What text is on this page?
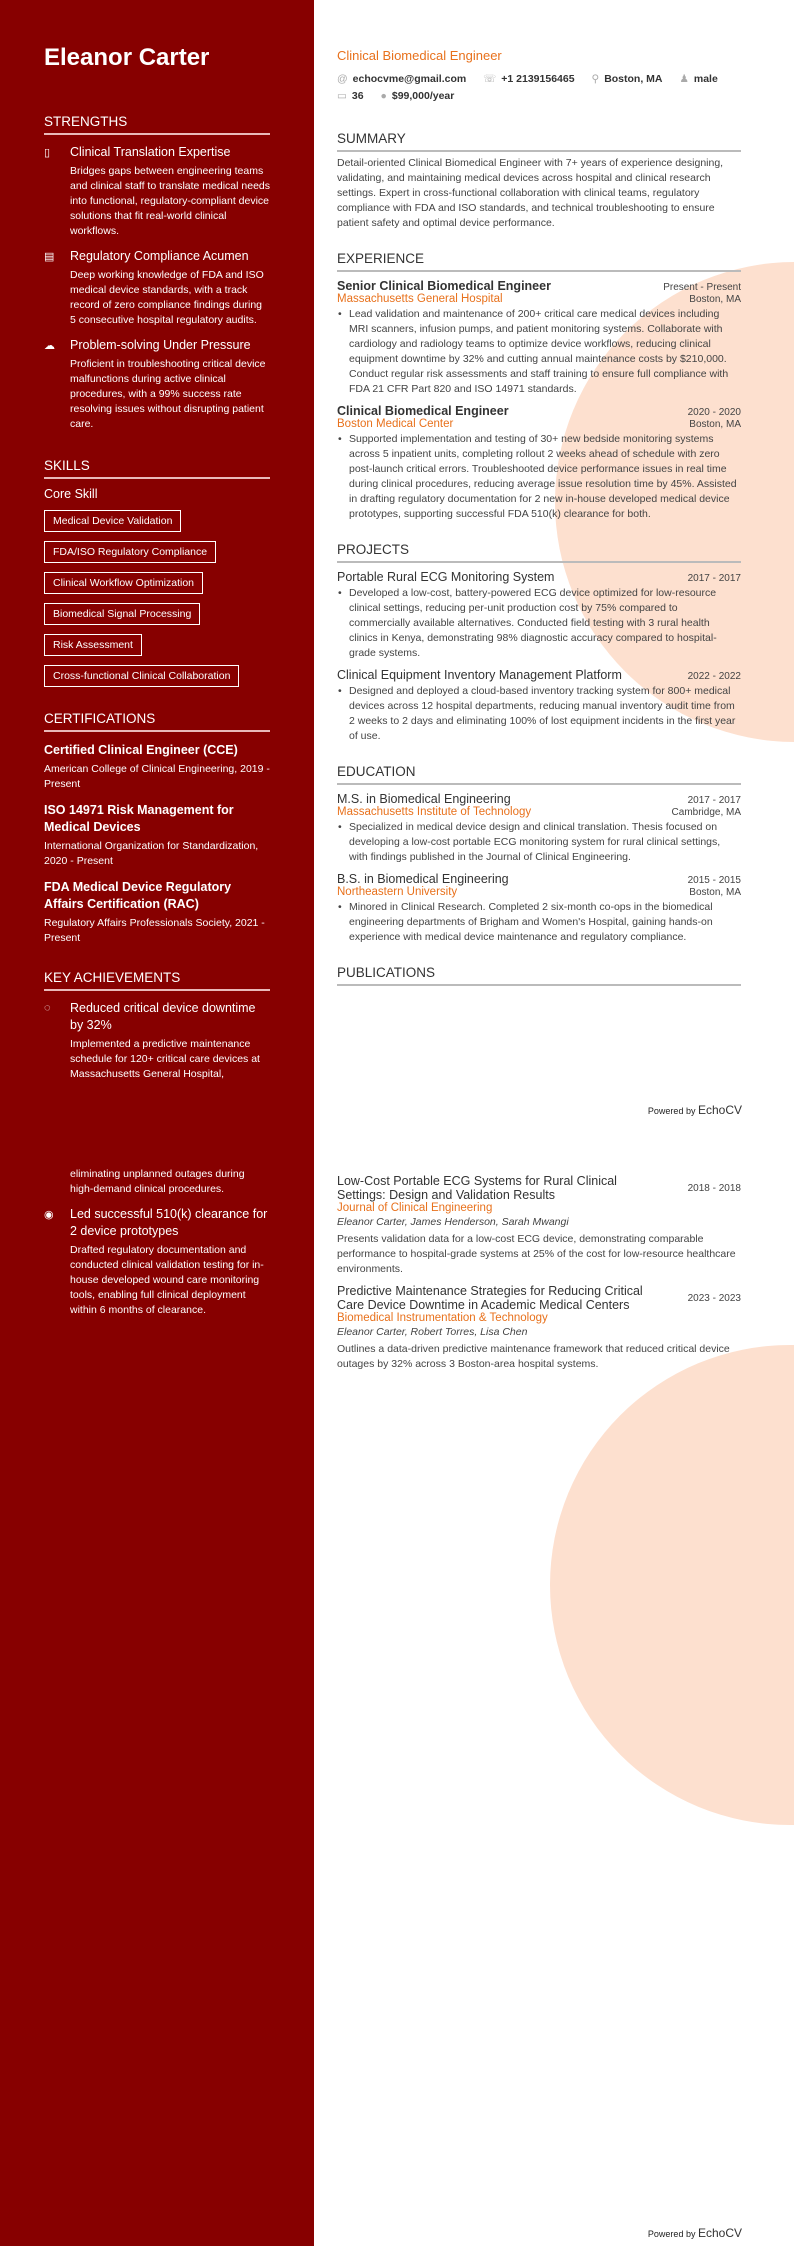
Eleanor Carter
STRENGTHS
▯	Clinical Translation Expertise
Bridges gaps between engineering teams and clinical staff to translate medical needs into functional, regulatory-compliant device solutions that fit real-world clinical workflows.
▤	Regulatory Compliance Acumen
Deep working knowledge of FDA and ISO medical device standards, with a track record of zero compliance findings during 5 consecutive hospital regulatory audits.
☁	Problem-solving Under Pressure
Proficient in troubleshooting critical device malfunctions during active clinical procedures, with a 99% success rate resolving issues without disrupting patient care.
SKILLS
Core Skill
Medical Device Validation
FDA/ISO Regulatory Compliance
Clinical Workflow Optimization
Biomedical Signal Processing
Risk Assessment
Cross-functional Clinical Collaboration
CERTIFICATIONS
Certified Clinical Engineer (CCE)
American College of Clinical Engineering, 2019 - Present
ISO 14971 Risk Management for Medical Devices
International Organization for Standardization, 2020 - Present
FDA Medical Device Regulatory Affairs Certification (RAC)
Regulatory Affairs Professionals Society, 2021 - Present
KEY ACHIEVEMENTS
◌	Reduced critical device downtime by 32%
Implemented a predictive maintenance schedule for 120+ critical care devices at Massachusetts General Hospital,
Clinical Biomedical Engineer
@ echocvme@gmail.com ☏ +1 2139156465 ⚲ Boston, MA ♟ male
▭ 36 ● $99,000/year
SUMMARY
Detail-oriented Clinical Biomedical Engineer with 7+ years of experience designing, validating, and maintaining medical devices across hospital and clinical research settings. Expert in cross-functional collaboration with clinical teams, regulatory compliance with FDA and ISO standards, and technical troubleshooting to ensure patient safety and optimal device performance.
EXPERIENCE
Senior Clinical Biomedical Engineer	Present - Present
Massachusetts General Hospital	Boston, MA
• Lead validation and maintenance of 200+ critical care medical devices including MRI scanners, infusion pumps, and patient monitoring systems. Collaborate with cardiology and radiology teams to optimize device workflows, reducing clinical equipment downtime by 32% and cutting annual maintenance costs by $210,000. Conduct regular risk assessments and staff training to ensure full compliance with FDA 21 CFR Part 820 and ISO 14971 standards.
Clinical Biomedical Engineer	2020 - 2020
Boston Medical Center	Boston, MA
• Supported implementation and testing of 30+ new bedside monitoring systems across 5 inpatient units, completing rollout 2 weeks ahead of schedule with zero post-launch critical errors. Troubleshooted device performance issues in real time during clinical procedures, reducing average issue resolution time by 45%. Assisted in drafting regulatory documentation for 2 new in-house developed medical device prototypes, supporting successful FDA 510(k) clearance for both.
PROJECTS
Portable Rural ECG Monitoring System	2017 - 2017
• Developed a low-cost, battery-powered ECG device optimized for low-resource clinical settings, reducing per-unit production cost by 75% compared to commercially available alternatives. Conducted field testing with 3 rural health clinics in Kenya, demonstrating 98% diagnostic accuracy compared to hospital-grade systems.
Clinical Equipment Inventory Management Platform	2022 - 2022
• Designed and deployed a cloud-based inventory tracking system for 800+ medical devices across 12 hospital departments, reducing manual inventory audit time from 2 weeks to 2 days and eliminating 100% of lost equipment incidents in the first year of use.
EDUCATION
M.S. in Biomedical Engineering	2017 - 2017
Massachusetts Institute of Technology	Cambridge, MA
• Specialized in medical device design and clinical translation. Thesis focused on developing a low-cost portable ECG monitoring system for rural clinical settings, with findings published in the Journal of Clinical Engineering.
B.S. in Biomedical Engineering	2015 - 2015
Northeastern University	Boston, MA
• Minored in Clinical Research. Completed 2 six-month co-ops in the biomedical engineering departments of Brigham and Women's Hospital, gaining hands-on experience with medical device maintenance and regulatory compliance.
PUBLICATIONS
Powered by EchoCV
eliminating unplanned outages during high-demand clinical procedures.
◉	Led successful 510(k) clearance for 2 device prototypes
Drafted regulatory documentation and conducted clinical validation testing for in-house developed wound care monitoring tools, enabling full clinical deployment within 6 months of clearance.
Low-Cost Portable ECG Systems for Rural Clinical Settings: Design and Validation Results	2018 - 2018
Journal of Clinical Engineering
Eleanor Carter, James Henderson, Sarah Mwangi
Presents validation data for a low-cost ECG device, demonstrating comparable performance to hospital-grade systems at 25% of the cost for low-resource healthcare environments.
Predictive Maintenance Strategies for Reducing Critical Care Device Downtime in Academic Medical Centers	2023 - 2023
Biomedical Instrumentation & Technology
Eleanor Carter, Robert Torres, Lisa Chen
Outlines a data-driven predictive maintenance framework that reduced critical device outages by 32% across 3 Boston-area hospital systems.
Powered by EchoCV
